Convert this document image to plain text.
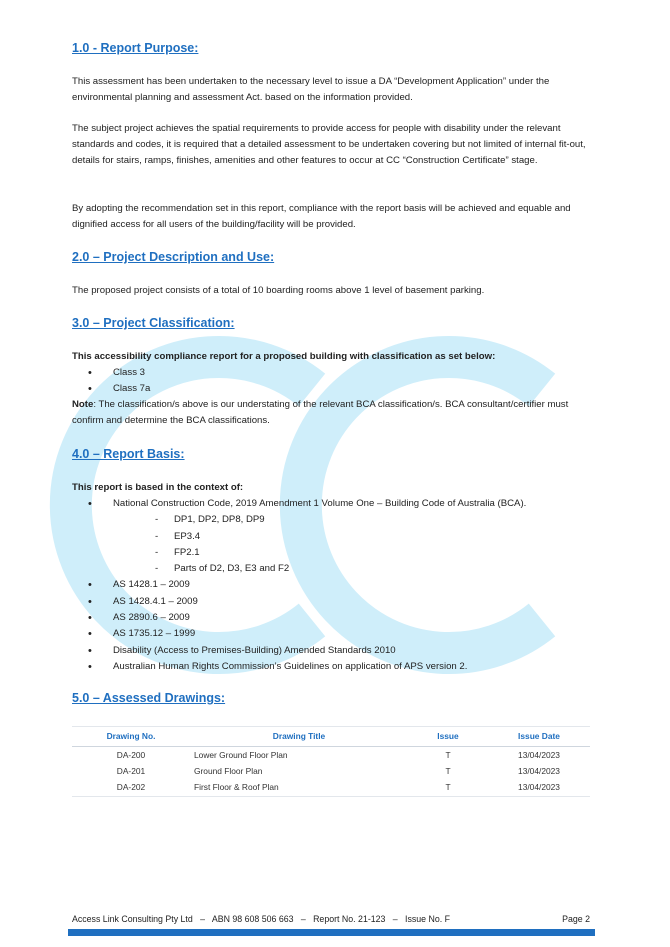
1.0 - Report Purpose:

This assessment has been undertaken to the necessary level to issue a DA “Development Application” under the environmental planning and assessment Act. based on the information provided.

The subject project achieves the spatial requirements to provide access for people with disability under the relevant standards and codes, it is required that a detailed assessment to be undertaken covering but not limited of internal fit-out, details for stairs, ramps, finishes, amenities and other features to occur at CC “Construction Certificate” stage.

By adopting the recommendation set in this report, compliance with the report basis will be achieved and equable and dignified access for all users of the building/facility will be provided.

2.0 – Project Description and Use:

The proposed project consists of a total of 10 boarding rooms above 1 level of basement parking.

3.0 – Project Classification:

This accessibility compliance report for a proposed building with classification as set below:

• Class 3
• Class 7a

Note: The classification/s above is our understating of the relevant BCA classification/s. BCA consultant/certifier must confirm and determine the BCA classifications.

4.0 – Report Basis:

This report is based in the context of:

• National Construction Code, 2019 Amendment 1 Volume One – Building Code of Australia (BCA).
- DP1, DP2, DP8, DP9
- EP3.4
- FP2.1
- Parts of D2, D3, E3 and F2
• AS 1428.1 – 2009
• AS 1428.4.1 – 2009
• AS 2890.6 – 2009
• AS 1735.12 – 1999
• Disability (Access to Premises-Building) Amended Standards 2010
• Australian Human Rights Commission’s Guidelines on application of APS version 2.
5.0 – Assessed Drawings:
Drawing No.	Drawing Title	Issue	Issue Date
DA-200	Lower Ground Floor Plan	T	13/04/2023
DA-201	Ground Floor Plan	T	13/04/2023
DA-202	First Floor & Roof Plan	T	13/04/2023
Access Link Consulting Pty Ltd   –   ABN 98 608 506 663   –   Report No. 21-123   –   Issue No. F	Page 2
